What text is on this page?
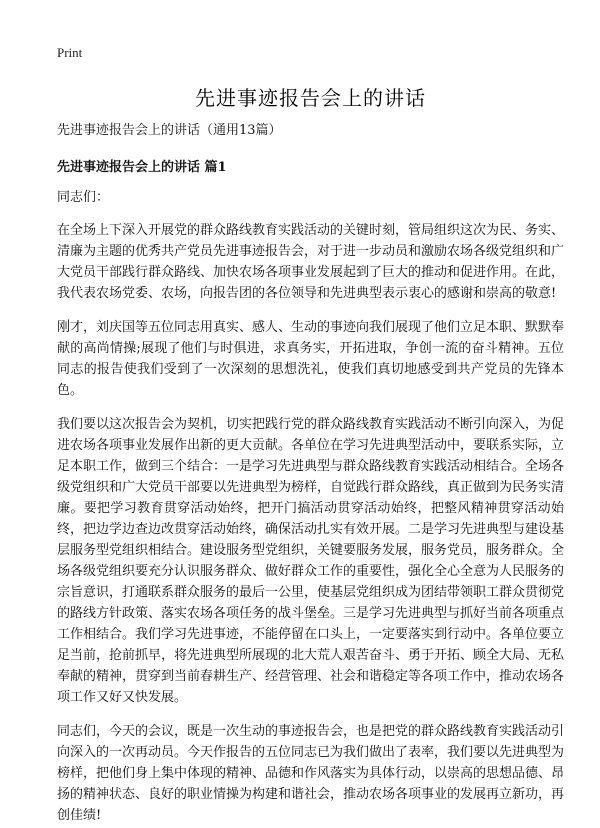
Print
先进事迹报告会上的讲话
先进事迹报告会上的讲话（通用13篇）
先进事迹报告会上的讲话 篇1
同志们：

在全场上下深入开展党的群众路线教育实践活动的关键时刻，管局组织这次为民、务实、清廉为主题的优秀共产党员先进事迹报告会，对于进一步动员和激励农场各级党组织和广大党员干部践行群众路线、加快农场各项事业发展起到了巨大的推动和促进作用。在此，我代表农场党委、农场，向报告团的各位领导和先进典型表示衷心的感谢和崇高的敬意!

刚才，刘庆国等五位同志用真实、感人、生动的事迹向我们展现了他们立足本职、默默奉献的高尚情操;展现了他们与时俱进，求真务实，开拓进取，争创一流的奋斗精神。五位同志的报告使我们受到了一次深刻的思想洗礼，使我们真切地感受到共产党员的先锋本色。

我们要以这次报告会为契机，切实把践行党的群众路线教育实践活动不断引向深入，为促进农场各项事业发展作出新的更大贡献。各单位在学习先进典型活动中，要联系实际，立足本职工作，做到三个结合：一是学习先进典型与群众路线教育实践活动相结合。全场各级党组织和广大党员干部要以先进典型为榜样，自觉践行群众路线，真正做到为民务实清廉。要把学习教育贯穿活动始终，把开门搞活动贯穿活动始终，把整风精神贯穿活动始终，把边学边查边改贯穿活动始终，确保活动扎实有效开展。二是学习先进典型与建设基层服务型党组织相结合。建设服务型党组织，关键要服务发展，服务党员，服务群众。全场各级党组织要充分认识服务群众、做好群众工作的重要性，强化全心全意为人民服务的宗旨意识，打通联系群众服务的最后一公里，使基层党组织成为团结带领职工群众贯彻党的路线方针政策、落实农场各项任务的战斗堡垒。三是学习先进典型与抓好当前各项重点工作相结合。我们学习先进事迹，不能停留在口头上，一定要落实到行动中。各单位要立足当前，抢前抓早，将先进典型所展现的北大荒人艰苦奋斗、勇于开拓、顾全大局、无私奉献的精神，贯穿到当前春耕生产、经营管理、社会和谐稳定等各项工作中，推动农场各项工作又好又快发展。

同志们，今天的会议，既是一次生动的事迹报告会，也是把党的群众路线教育实践活动引向深入的一次再动员。今天作报告的五位同志已为我们做出了表率，我们要以先进典型为榜样，把他们身上集中体现的精神、品德和作风落实为具体行动，以崇高的思想品德、昂扬的精神状态、良好的职业情操为构建和谐社会，推动农场各项事业的发展再立新功，再创佳绩!
